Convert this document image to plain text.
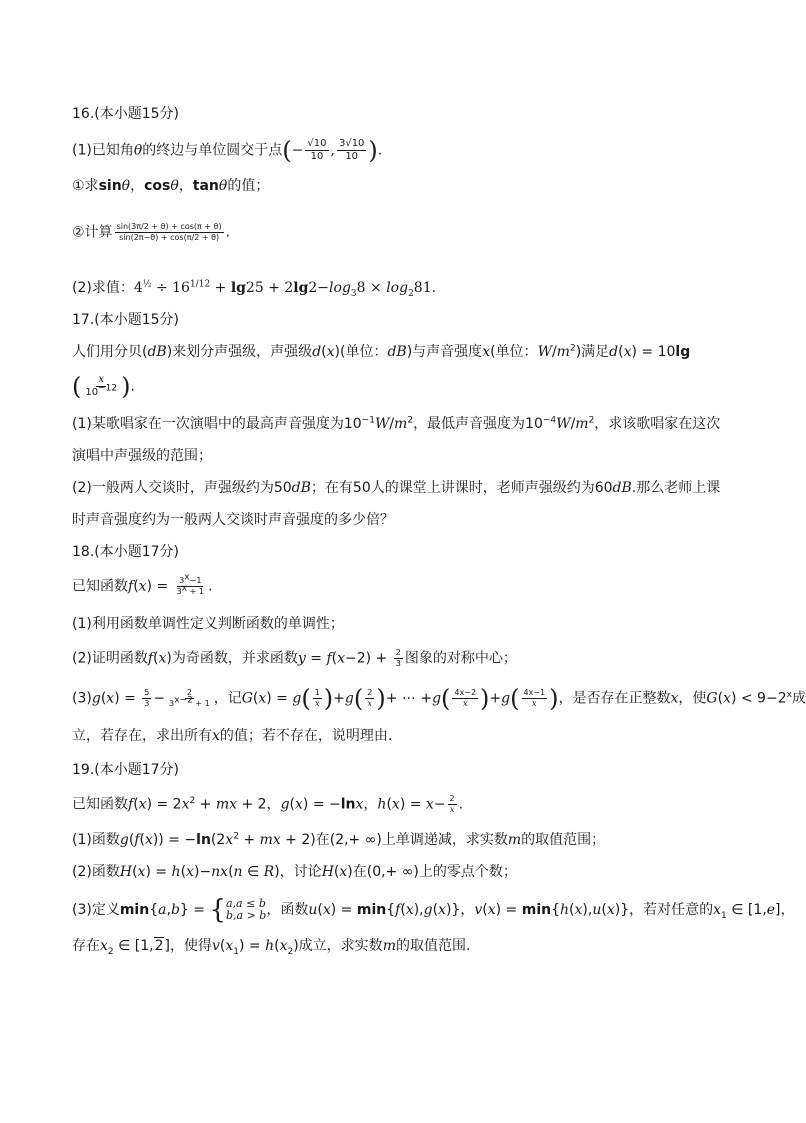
16.(本小题15分)
(1)已知角θ的终边与单位圆交于点(− $\frac{√10}{10}$ , $\frac{3√10}{10}$ ).
①求sinθ，cosθ，tanθ的值；
②计算 $\frac{\sin(3\pi/2 + \theta) + \cos(\pi + \theta)}{\sin(2\pi-\theta) + \cos(\pi/2 + \theta)}$ .
(2)求值：$4^{\frac{1}{2}} \div 16^{1/12} + \lg 25 + 2\lg 2-\log_38 \times \log_281$.
17.(本小题15分)
人们用分贝(dB)来划分声强级，声强级d(x)(单位：dB)与声音强度x(单位：$W/m^2$)满足d(x) = 10lg
( $\frac{x}{10^{-12}}$ ).
(1)某歌唱家在一次演唱中的最高声音强度为$10^{-1}W/m^2$，最低声音强度为$10^{-4}W/m^2$，求该歌唱家在这次
演唱中声强级的范围；
(2)一般两人交谈时，声强级约为50dB；在有50人的课堂上讲课时，老师声强级约为60dB.那么老师上课
时声音强度约为一般两人交谈时声音强度的多少倍？
18.(本小题17分)
已知函数$f(x) = \frac{3^x-1}{3^x + 1}$ .
(1)利用函数单调性定义判断函数的单调性；
(2)证明函数f(x)为奇函数，并求函数$y = f(x-2) + \frac{2}{3}$ 图象的对称中心；
$(3)g(x) = \frac{5}{3} - \frac{2}{3^{x-2} + 1}$ ，记$G(x) = g( \frac{1}{x} )+g( \frac{2}{x}$ )+ ⋯ $+g( \frac{4x-2}{x} )+g( \frac{4x-1}{x}$ )，是否存在正整数x，使$G(x) < 9-2^x$成
立，若存在，求出所有x的值；若不存在，说明理由.
19.(本小题17分)
已知函数$f(x) = 2x^2$ + mx + 2，g(x) = −lnx，$h(x) = x- \frac{2}{x}$ .
(1)函数$g(f(x)) = -\ln(2x^2$ + mx + 2)在(2,+ ∞)上单调递减，求实数m的取值范围；
(2)函数H(x) = h(x)−nx(n ∈ R)，讨论H(x)在(0,+ ∞)上的零点个数；
(3)定义min{a,b} = { a,a ≤ b
b,a > b ，函数u(x) = min{f(x),g(x)}，v(x) = min{h(x),u(x)}，若对任意的$x_1$ ∈ [1,e]，
存在$x_2$ ∈ [1,2]，使得$v(x_1) = h(x_2)$成立，求实数m的取值范围.
